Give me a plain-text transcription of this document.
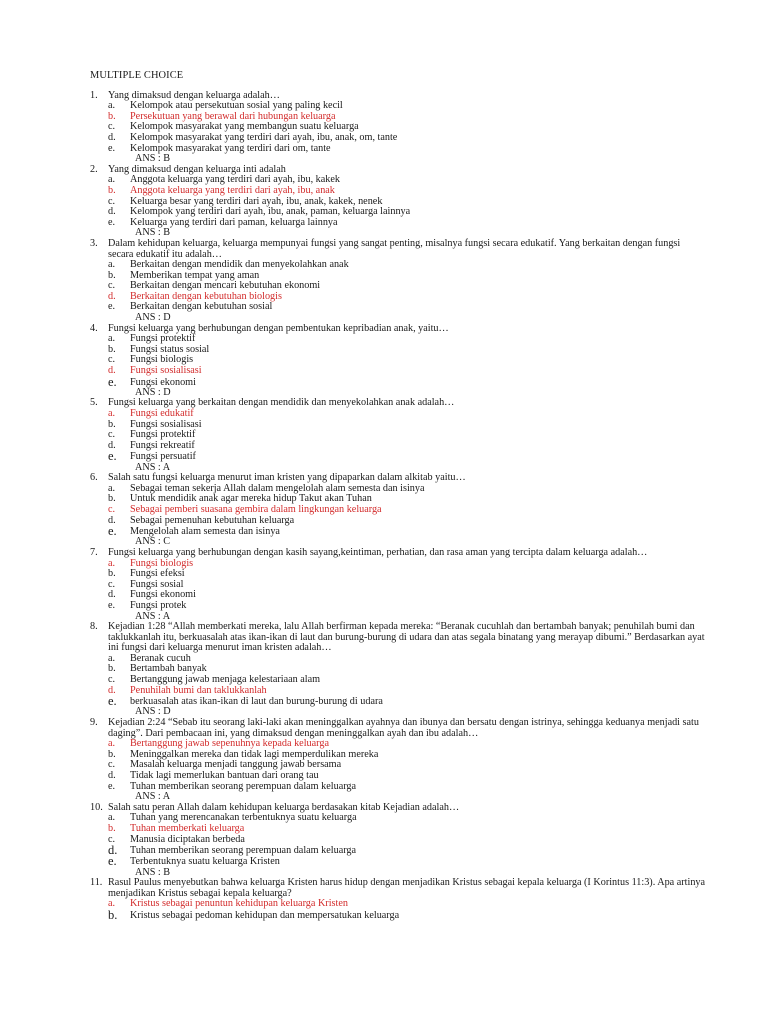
MULTIPLE CHOICE
1.	Yang dimaksud dengan keluarga adalah…
a. Kelompok atau persekutuan sosial yang paling kecil
b. Persekutuan yang berawal dari hubungan keluarga
c. Kelompok masyarakat yang membangun suatu keluarga
d. Kelompok masyarakat yang terdiri dari ayah, ibu, anak, om, tante
e. Kelompok masyarakat yang terdiri dari om, tante
ANS : B
2.	Yang dimaksud dengan keluarga inti adalah
a. Anggota keluarga yang terdiri dari ayah, ibu, kakek
b. Anggota keluarga yang terdiri dari ayah, ibu, anak
c. Keluarga besar yang terdiri dari ayah, ibu, anak, kakek, nenek
d. Kelompok yang terdiri dari ayah, ibu, anak, paman, keluarga lainnya
e. Keluarga yang terdiri dari paman, keluarga lainnya
ANS : B
3.	Dalam kehidupan keluarga, keluarga mempunyai fungsi yang sangat penting, misalnya fungsi secara edukatif. Yang berkaitan dengan fungsi secara edukatif itu adalah…
a. Berkaitan dengan mendidik dan menyekolahkan anak
b. Memberikan tempat yang aman
c. Berkaitan dengan mencari kebutuhan ekonomi
d. Berkaitan dengan kebutuhan biologis
e. Berkaitan dengan kebutuhan sosial
ANS : D
4.	Fungsi keluarga yang berhubungan dengan pembentukan kepribadian anak, yaitu…
a. Fungsi protektif
b. Fungsi status sosial
c. Fungsi biologis
d. Fungsi sosialisasi
e. Fungsi ekonomi
ANS : D
5.	Fungsi keluarga yang berkaitan dengan mendidik dan menyekolahkan anak adalah…
a. Fungsi edukatif
b. Fungsi sosialisasi
c. Fungsi protektif
d. Fungsi rekreatif
e. Fungsi persuatif
ANS : A
6.	Salah satu fungsi keluarga menurut iman kristen yang dipaparkan dalam alkitab yaitu…
a. Sebagai teman sekerja Allah dalam mengelolah alam semesta dan isinya
b. Untuk mendidik anak agar mereka hidup Takut akan Tuhan
c. Sebagai pemberi suasana gembira dalam lingkungan keluarga
d. Sebagai pemenuhan kebutuhan keluarga
e. Mengelolah alam semesta dan isinya
ANS : C
7.	Fungsi keluarga yang berhubungan dengan kasih sayang,keintiman, perhatian, dan rasa aman yang tercipta dalam keluarga adalah…
a. Fungsi biologis
b. Fungsi efeksi
c. Fungsi sosial
d. Fungsi ekonomi
e. Fungsi protek
ANS : A
8.	Kejadian 1:28 “Allah memberkati mereka, lalu Allah berfirman kepada mereka: “Beranak cucuhlah dan bertambah banyak; penuhilah bumi dan taklukkanlah itu, berkuasalah atas ikan-ikan di laut dan burung-burung di udara dan atas segala binatang yang merayap dibumi.” Berdasarkan ayat ini fungsi dari keluarga menurut iman kristen adalah…
a. Beranak cucuh
b. Bertambah banyak
c. Bertanggung jawab menjaga kelestariaan alam
d. Penuhilah bumi dan taklukkanlah
e. berkuasalah atas ikan-ikan di laut dan burung-burung di udara
ANS : D
9.	Kejadian 2:24 “Sebab itu seorang laki-laki akan meninggalkan ayahnya dan ibunya dan bersatu dengan istrinya, sehingga keduanya menjadi satu daging”. Dari pembacaan ini, yang dimaksud dengan meninggalkan ayah dan ibu adalah…
a. Bertanggung jawab sepenuhnya kepada keluarga
b. Meninggalkan mereka dan tidak lagi memperdulikan mereka
c. Masalah keluarga menjadi tanggung jawab bersama
d. Tidak lagi memerlukan bantuan dari orang tau
e. Tuhan memberikan seorang perempuan dalam keluarga
ANS : A
10. Salah satu peran Allah dalam kehidupan keluarga berdasakan kitab Kejadian adalah…
a. Tuhan yang merencanakan terbentuknya suatu keluarga
b. Tuhan memberkati keluarga
c. Manusia diciptakan berbeda
d. Tuhan memberikan seorang perempuan dalam keluarga
e. Terbentuknya suatu keluarga Kristen
ANS : B
11. Rasul Paulus menyebutkan bahwa keluarga Kristen harus hidup dengan menjadikan Kristus sebagai kepala keluarga (I Korintus 11:3). Apa artinya menjadikan Kristus sebagai kepala keluarga?
a. Kristus sebagai penuntun kehidupan keluarga Kristen
b. Kristus sebagai pedoman kehidupan dan mempersatukan keluarga
